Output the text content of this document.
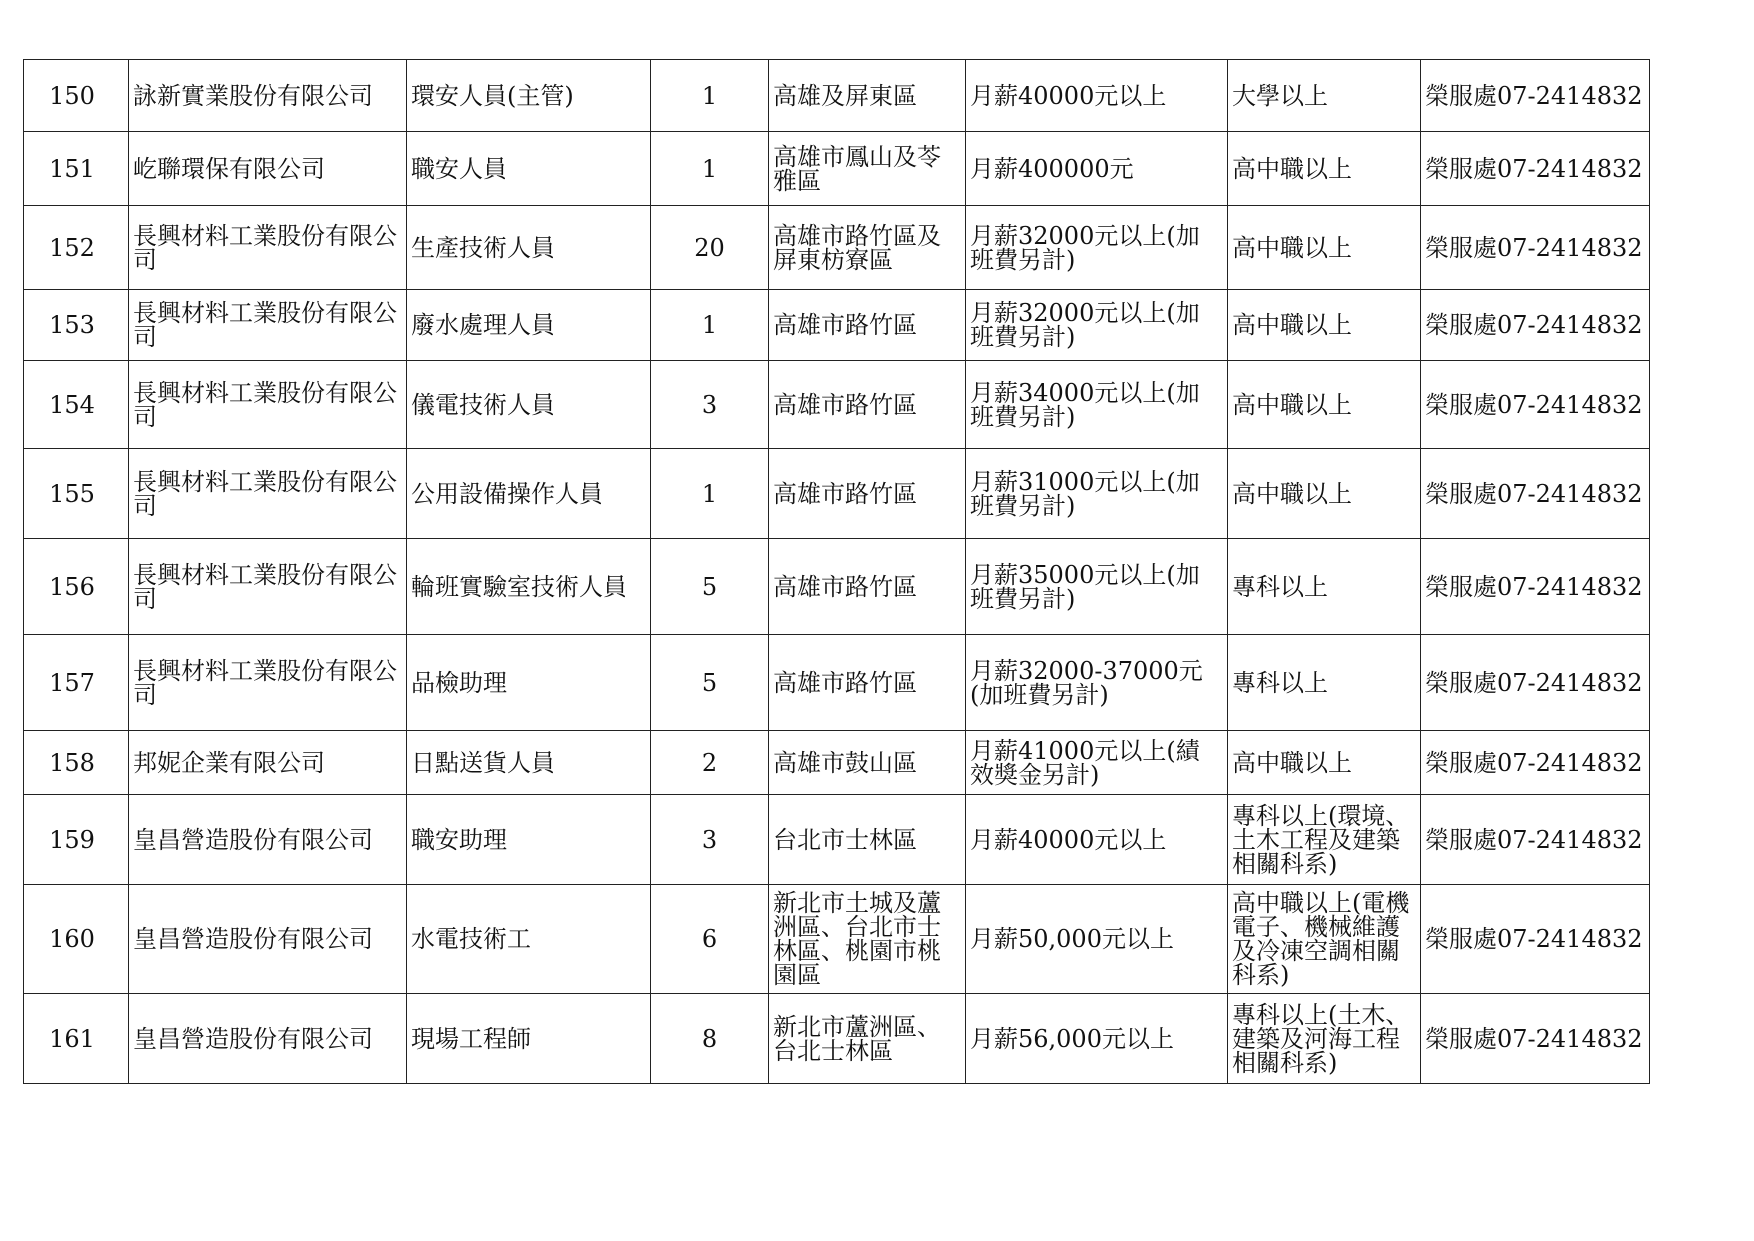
150	詠新實業股份有限公司	環安人員(主管)	1	高雄及屏東區	月薪40000元以上	大學以上	榮服處07-2414832
151	屹聯環保有限公司	職安人員	1	高雄市鳳山及苓雅區	月薪400000元	高中職以上	榮服處07-2414832
152	長興材料工業股份有限公司	生產技術人員	20	高雄市路竹區及屏東枋寮區	月薪32000元以上(加班費另計)	高中職以上	榮服處07-2414832
153	長興材料工業股份有限公司	廢水處理人員	1	高雄市路竹區	月薪32000元以上(加班費另計)	高中職以上	榮服處07-2414832
154	長興材料工業股份有限公司	儀電技術人員	3	高雄市路竹區	月薪34000元以上(加班費另計)	高中職以上	榮服處07-2414832
155	長興材料工業股份有限公司	公用設備操作人員	1	高雄市路竹區	月薪31000元以上(加班費另計)	高中職以上	榮服處07-2414832
156	長興材料工業股份有限公司	輪班實驗室技術人員	5	高雄市路竹區	月薪35000元以上(加班費另計)	專科以上	榮服處07-2414832
157	長興材料工業股份有限公司	品檢助理	5	高雄市路竹區	月薪32000-37000元(加班費另計)	專科以上	榮服處07-2414832
158	邦妮企業有限公司	日點送貨人員	2	高雄市鼓山區	月薪41000元以上(績效獎金另計)	高中職以上	榮服處07-2414832
159	皇昌營造股份有限公司	職安助理	3	台北市士林區	月薪40000元以上	專科以上(環境、土木工程及建築相關科系)	榮服處07-2414832
160	皇昌營造股份有限公司	水電技術工	6	新北市土城及蘆洲區、台北市士林區、桃園市桃園區	月薪50,000元以上	高中職以上(電機電子、機械維護及冷凍空調相關科系)	榮服處07-2414832
161	皇昌營造股份有限公司	現場工程師	8	新北市蘆洲區、台北士林區	月薪56,000元以上	專科以上(土木、建築及河海工程相關科系)	榮服處07-2414832
